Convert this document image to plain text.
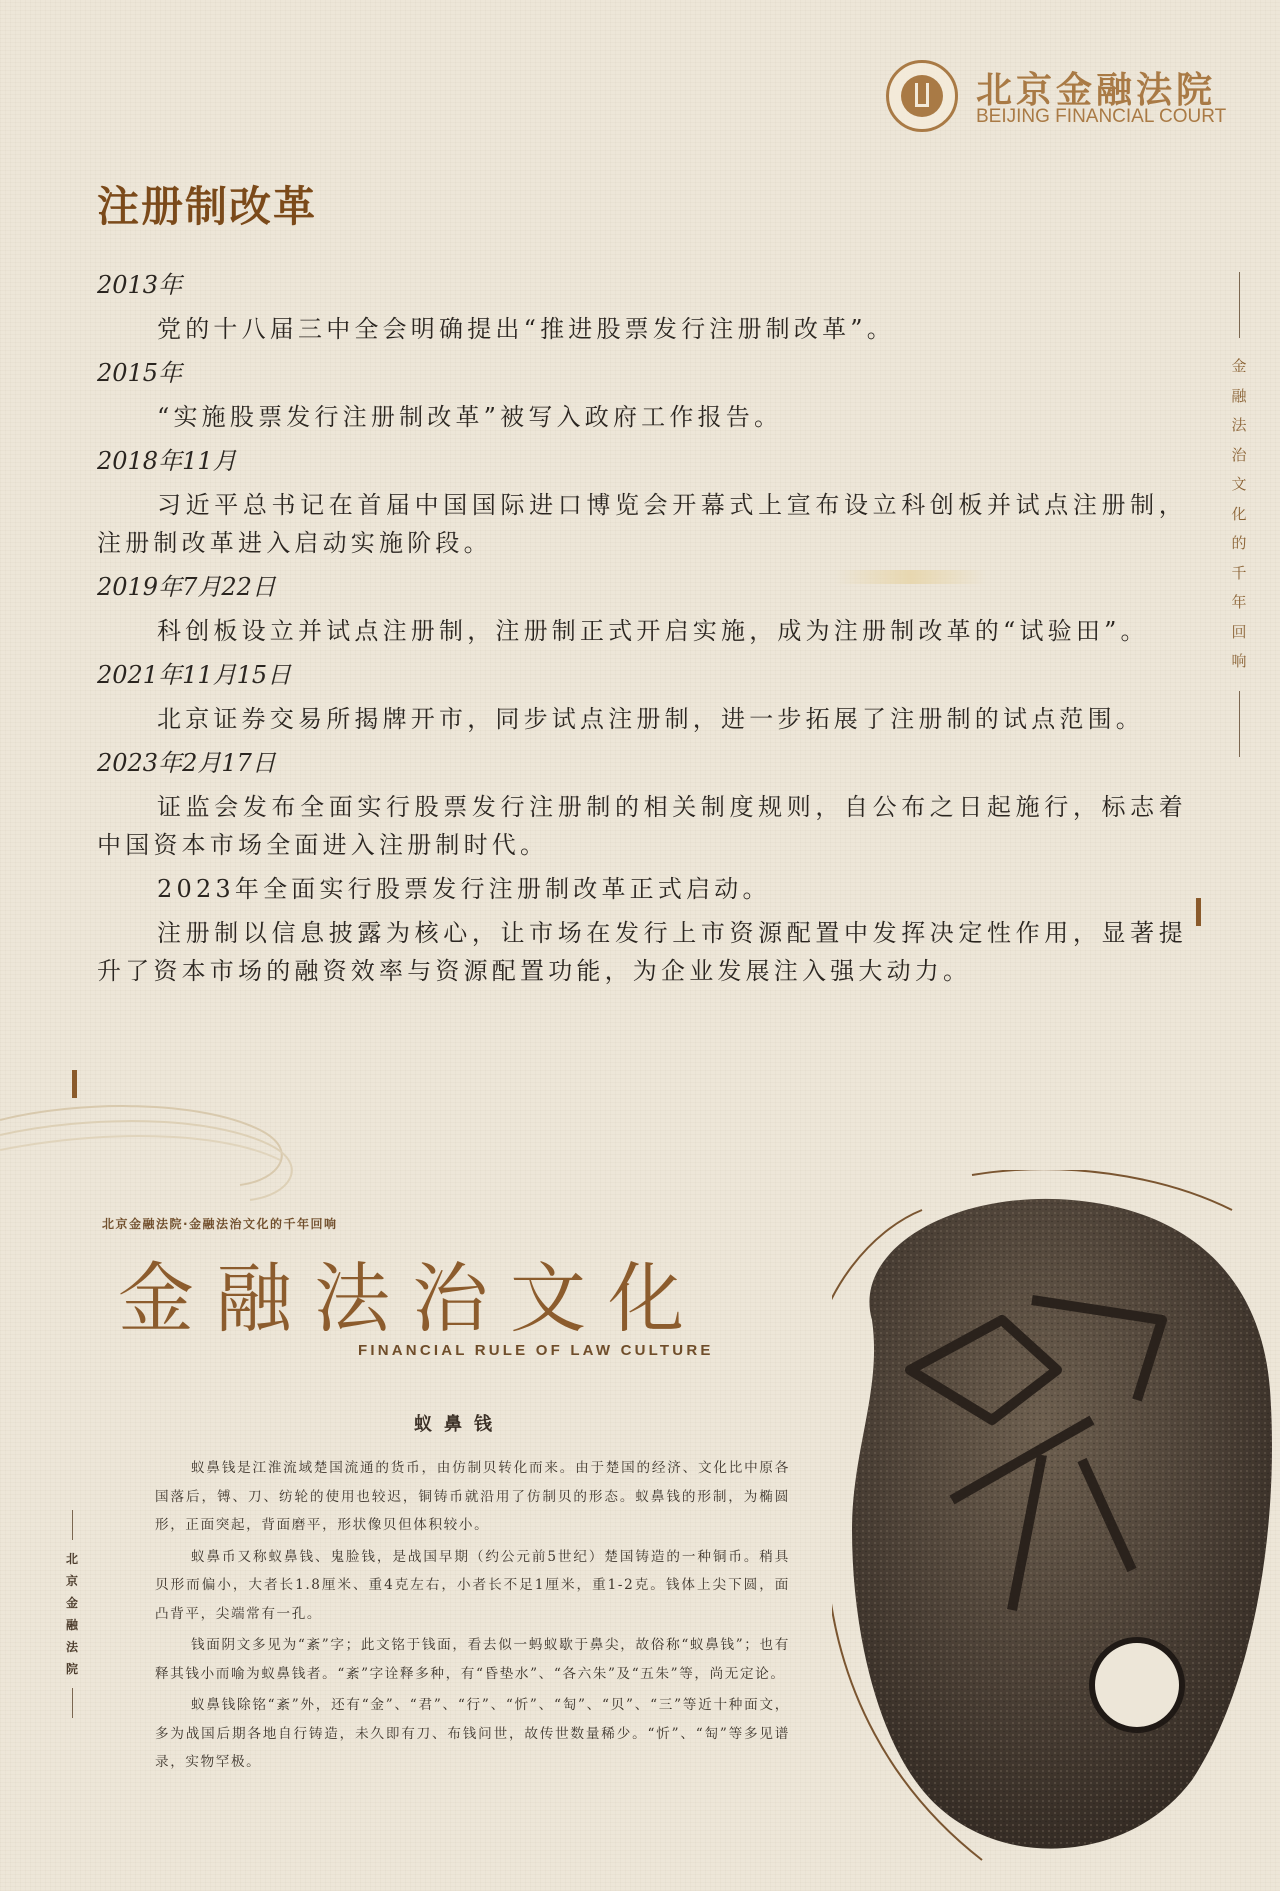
北京金融法院
BEIJING FINANCIAL COURT
金
融
法
治
文
化
的
千
年
回
响
注册制改革
2013年

党的十八届三中全会明确提出“推进股票发行注册制改革”。

2015年

“实施股票发行注册制改革”被写入政府工作报告。

2018年11月

习近平总书记在首届中国国际进口博览会开幕式上宣布设立科创板并试点注册制，注册制改革进入启动实施阶段。

2019年7月22日

科创板设立并试点注册制，注册制正式开启实施，成为注册制改革的“试验田”。

2021年11月15日

北京证券交易所揭牌开市，同步试点注册制，进一步拓展了注册制的试点范围。

2023年2月17日

证监会发布全面实行股票发行注册制的相关制度规则，自公布之日起施行，标志着中国资本市场全面进入注册制时代。

2023年全面实行股票发行注册制改革正式启动。

注册制以信息披露为核心，让市场在发行上市资源配置中发挥决定性作用，显著提升了资本市场的融资效率与资源配置功能，为企业发展注入强大动力。

北京金融法院·金融法治文化的千年回响
金融法治文化
FINANCIAL RULE OF LAW CULTURE
蚁鼻钱

蚁鼻钱是江淮流域楚国流通的货币，由仿制贝转化而来。由于楚国的经济、文化比中原各国落后，镈、刀、纺轮的使用也较迟，铜铸币就沿用了仿制贝的形态。蚁鼻钱的形制，为椭圆形，正面突起，背面磨平，形状像贝但体积较小。

蚁鼻币又称蚁鼻钱、鬼脸钱，是战国早期（约公元前5世纪）楚国铸造的一种铜币。稍具贝形而偏小，大者长1.8厘米、重4克左右，小者长不足1厘米，重1-2克。钱体上尖下圆，面凸背平，尖端常有一孔。

钱面阴文多见为“紊”字；此文铭于钱面，看去似一蚂蚁歇于鼻尖，故俗称“蚁鼻钱”；也有释其钱小而喻为蚁鼻钱者。“紊”字诠释多种，有“昏垫水”、“各六朱”及“五朱”等，尚无定论。

蚁鼻钱除铭“紊”外，还有“金”、“君”、“行”、“忻”、“匋”、“贝”、“三”等近十种面文，多为战国后期各地自行铸造，未久即有刀、布钱问世，故传世数量稀少。“忻”、“匋”等多见谱录，实物罕极。

北
京
金
融
法
院
